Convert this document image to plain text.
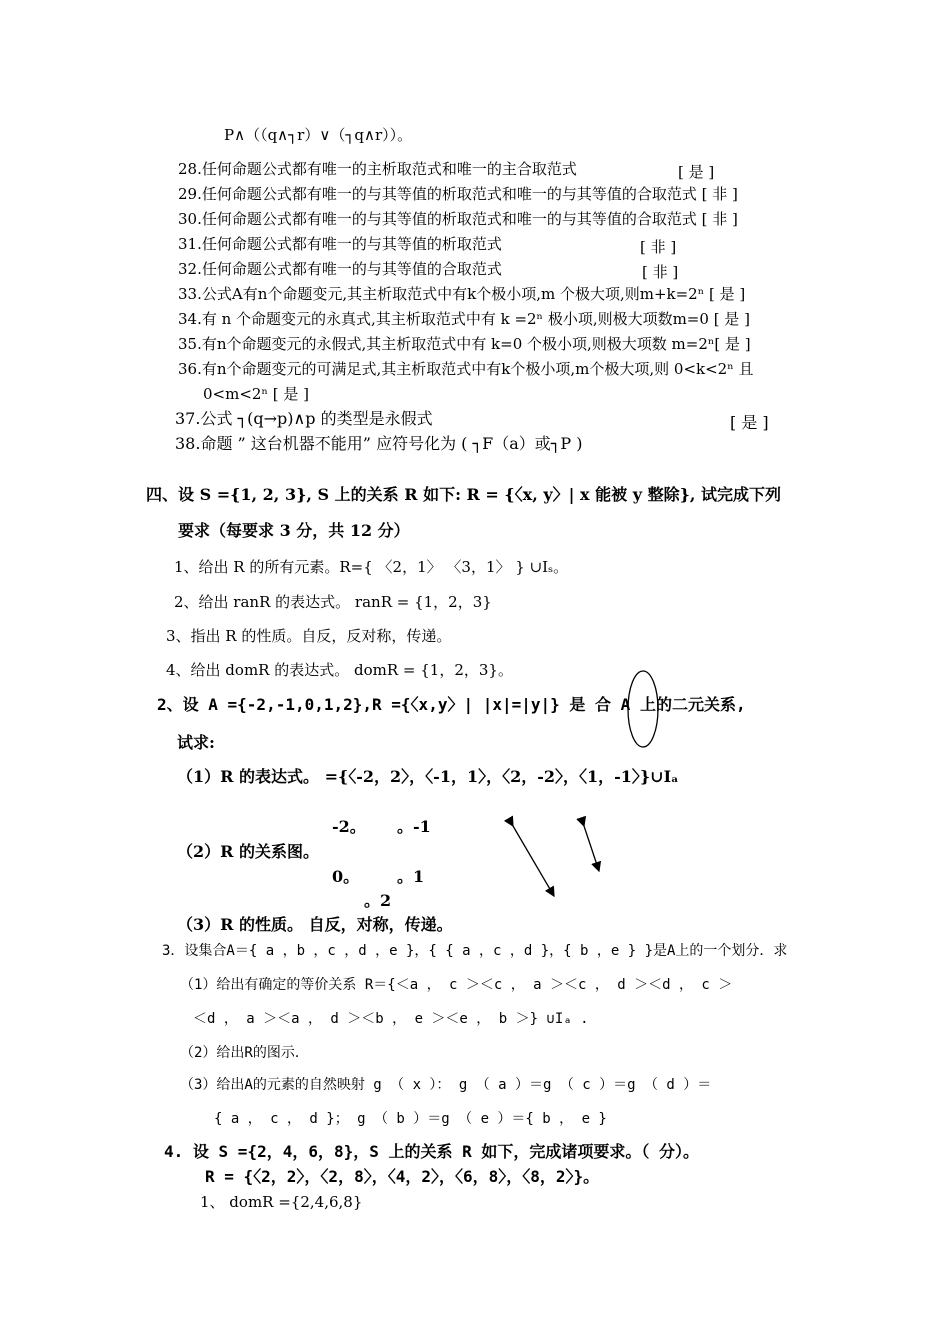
P∧（（q∧┐r）∨（┐q∧r））。
28.任何命题公式都有唯一的主析取范式和唯一的主合取范式	[ 是 ]
29.任何命题公式都有唯一的与其等值的析取范式和唯一的与其等值的合取范式 [ 非 ]
30.任何命题公式都有唯一的与其等值的析取范式和唯一的与其等值的合取范式 [ 非 ]
31.任何命题公式都有唯一的与其等值的析取范式	[ 非 ]
32.任何命题公式都有唯一的与其等值的合取范式	[ 非 ]
33.公式A有n个命题变元,其主析取范式中有k个极小项,m 个极大项,则m+k=2ⁿ [ 是 ]
34.有 n 个命题变元的永真式,其主析取范式中有 k =2ⁿ 极小项,则极大项数m=0 [ 是 ]
35.有n个命题变元的永假式,其主析取范式中有 k=0 个极小项,则极大项数 m=2ⁿ[ 是 ]
36.有n个命题变元的可满足式,其主析取范式中有k个极小项,m个极大项,则 0<k<2ⁿ 且
0<m<2ⁿ [ 是 ]
37.公式 ┐(q→p)∧p 的类型是永假式	[ 是 ]
38.命题 ” 这台机器不能用” 应符号化为 ( ┐F（a）或┐P )
四、设 S ={1, 2, 3}, S 上的关系 R 如下: R = {〈x, y〉| x 能被 y 整除}, 试完成下列
要求（每要求 3 分，共 12 分）
1、给出 R 的所有元素。R={ 〈2，1〉 〈3，1〉 } ∪Iₛ。
2、给出 ranR 的表达式。 ranR = {1，2，3}
3、指出 R 的性质。自反，反对称，传递。
4、给出 domR 的表达式。 domR = {1，2，3}。
2、设 A ={-2,-1,0,1,2},R ={〈x,y〉| |x|=|y|} 是 合 A 上的二元关系,
试求:
（1）R 的表达式。 ={〈-2，2〉，〈-1，1〉，〈2，-2〉，〈1，-1〉}∪Iₐ
-2。 。-1
（2）R 的关系图。
0。 。1
。2
（3）R 的性质。 自反，对称，传递。
3．设集合A＝{ a ，b ，c ，d ，e }，{ { a ，c ，d }，{ b ，e } }是A上的一个划分．求
（1）给出有确定的等价关系 R＝{＜a ， c ＞＜c ， a ＞＜c ， d ＞＜d ， c ＞
＜d ， a ＞＜a ， d ＞＜b ， e ＞＜e ， b ＞} ∪Iₐ .
（2）给出R的图示．
（3）给出A的元素的自然映射 g （ x ）： g （ a ）＝g （ c ）＝g （ d ）＝
{ a ， c ， d }； g （ b ）＝g （ e ）＝{ b ， e }
4. 设 S ={2，4，6，8}，S 上的关系 R 如下，完成诸项要求。（ 分）。
R = {〈2，2〉，〈2，8〉，〈4，2〉，〈6，8〉，〈8，2〉}。
1、 domR ={2,4,6,8}
